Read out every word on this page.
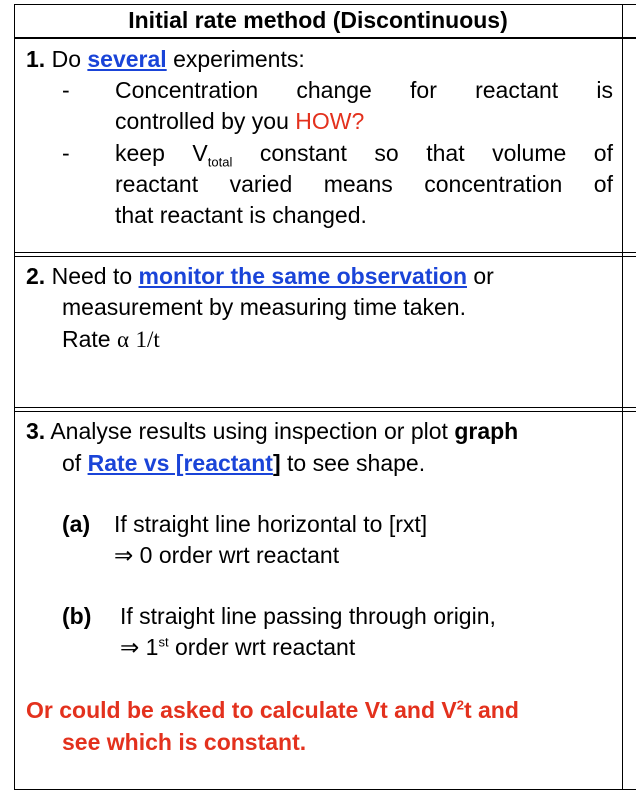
Initial rate method (Discontinuous)
1. Do several experiments:
- Concentration change for reactant is
controlled by you HOW?
- keep $V_{total}$ constant so that volume of
reactant varied means concentration of
that reactant is changed.
2. Need to monitor the same observation or
measurement by measuring time taken.
Rate α 1/t
3. Analyse results using inspection or plot graph
of Rate vs [reactant] to see shape.
(a) If straight line horizontal to [rxt]
⇒ 0 order wrt reactant
(b) If straight line passing through origin,
⇒ 1st order wrt reactant
Or could be asked to calculate Vt and $V^2t$ and
see which is constant.
